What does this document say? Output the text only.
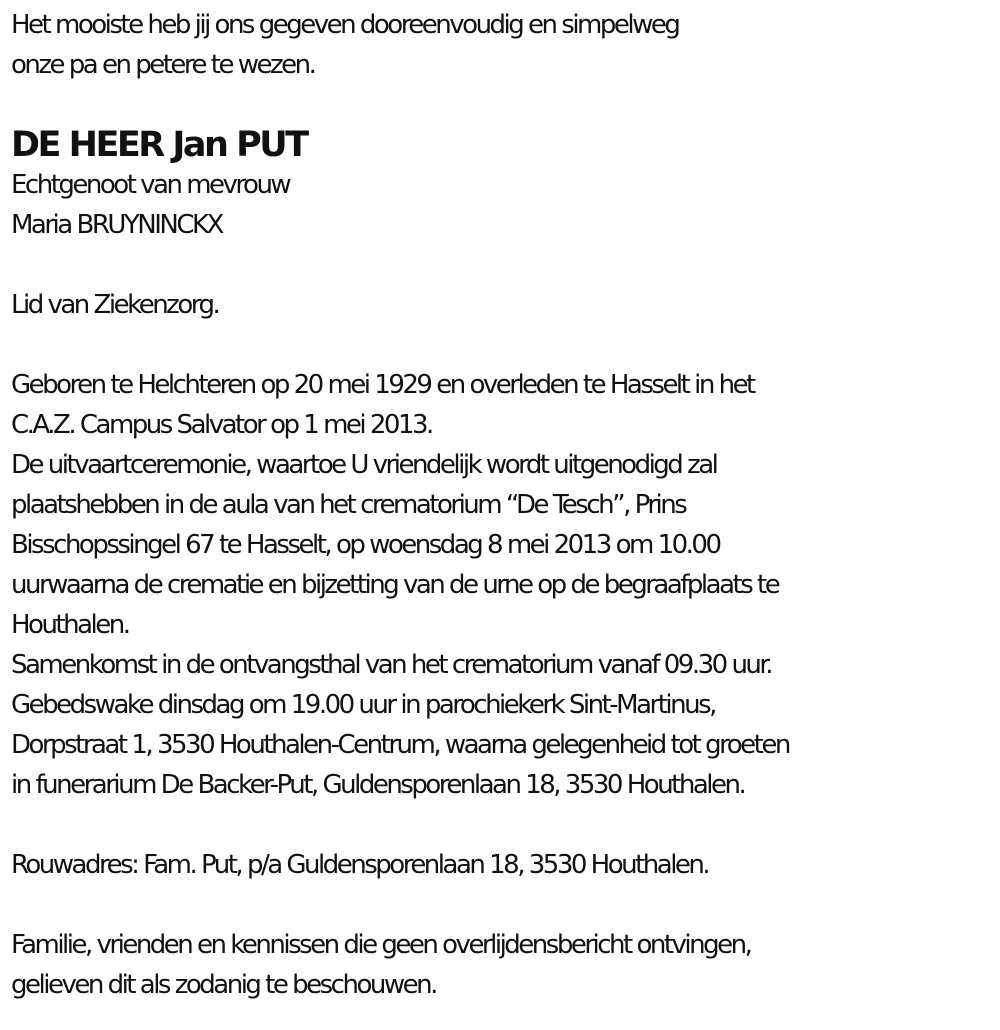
Het mooiste heb jij ons gegeven dooreenvoudig en simpelweg
onze pa en petere te wezen.
DE HEER Jan PUT
Echtgenoot van mevrouw
Maria BRUYNINCKX
Lid van Ziekenzorg.
Geboren te Helchteren op 20 mei 1929 en overleden te Hasselt in het
C.A.Z. Campus Salvator op 1 mei 2013.
De uitvaartceremonie, waartoe U vriendelijk wordt uitgenodigd zal
plaatshebben in de aula van het crematorium “De Tesch”, Prins
Bisschopssingel 67 te Hasselt, op woensdag 8 mei 2013 om 10.00
uurwaarna de crematie en bijzetting van de urne op de begraafplaats te
Houthalen.
Samenkomst in de ontvangsthal van het crematorium vanaf 09.30 uur.
Gebedswake dinsdag om 19.00 uur in parochiekerk Sint-Martinus,
Dorpstraat 1, 3530 Houthalen-Centrum, waarna gelegenheid tot groeten
in funerarium De Backer-Put, Guldensporenlaan 18, 3530 Houthalen.
Rouwadres: Fam. Put, p/a Guldensporenlaan 18, 3530 Houthalen.
Familie, vrienden en kennissen die geen overlijdensbericht ontvingen,
gelieven dit als zodanig te beschouwen.
